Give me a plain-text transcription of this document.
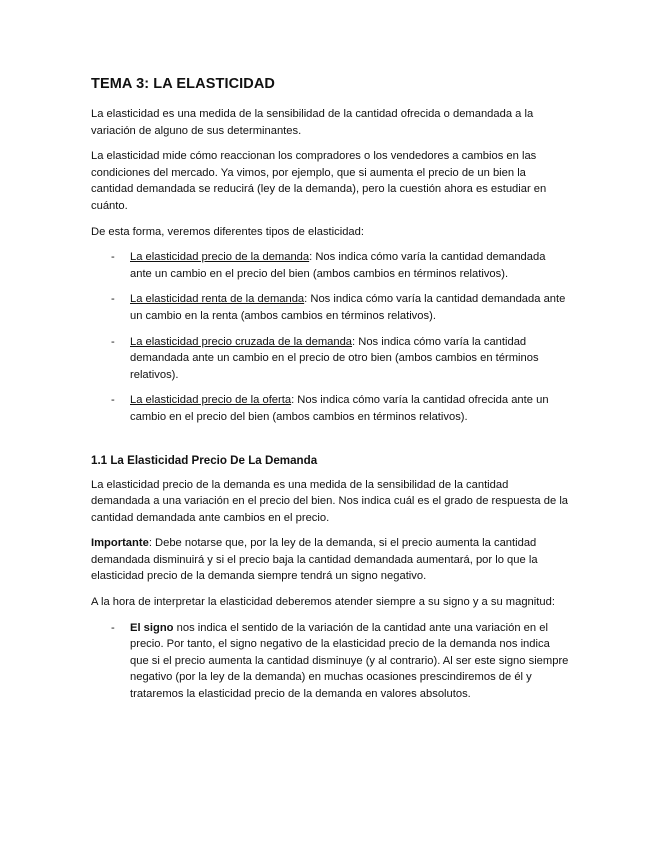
TEMA 3: LA ELASTICIDAD

La elasticidad es una medida de la sensibilidad de la cantidad ofrecida o demandada a la variación de alguno de sus determinantes.

La elasticidad mide cómo reaccionan los compradores o los vendedores a cambios en las condiciones del mercado. Ya vimos, por ejemplo, que si aumenta el precio de un bien la cantidad demandada se reducirá (ley de la demanda), pero la cuestión ahora es estudiar en cuánto.

De esta forma, veremos diferentes tipos de elasticidad:

- La elasticidad precio de la demanda: Nos indica cómo varía la cantidad demandada ante un cambio en el precio del bien (ambos cambios en términos relativos).
- La elasticidad renta de la demanda: Nos indica cómo varía la cantidad demandada ante un cambio en la renta (ambos cambios en términos relativos).
- La elasticidad precio cruzada de la demanda: Nos indica cómo varía la cantidad demandada ante un cambio en el precio de otro bien (ambos cambios en términos relativos).
- La elasticidad precio de la oferta: Nos indica cómo varía la cantidad ofrecida ante un cambio en el precio del bien (ambos cambios en términos relativos).
1.1 La Elasticidad Precio De La Demanda

La elasticidad precio de la demanda es una medida de la sensibilidad de la cantidad demandada a una variación en el precio del bien. Nos indica cuál es el grado de respuesta de la cantidad demandada ante cambios en el precio.

Importante: Debe notarse que, por la ley de la demanda, si el precio aumenta la cantidad demandada disminuirá y si el precio baja la cantidad demandada aumentará, por lo que la elasticidad precio de la demanda siempre tendrá un signo negativo.

A la hora de interpretar la elasticidad deberemos atender siempre a su signo y a su magnitud:

- El signo nos indica el sentido de la variación de la cantidad ante una variación en el precio. Por tanto, el signo negativo de la elasticidad precio de la demanda nos indica que si el precio aumenta la cantidad disminuye (y al contrario). Al ser este signo siempre negativo (por la ley de la demanda) en muchas ocasiones prescindiremos de él y trataremos la elasticidad precio de la demanda en valores absolutos.
